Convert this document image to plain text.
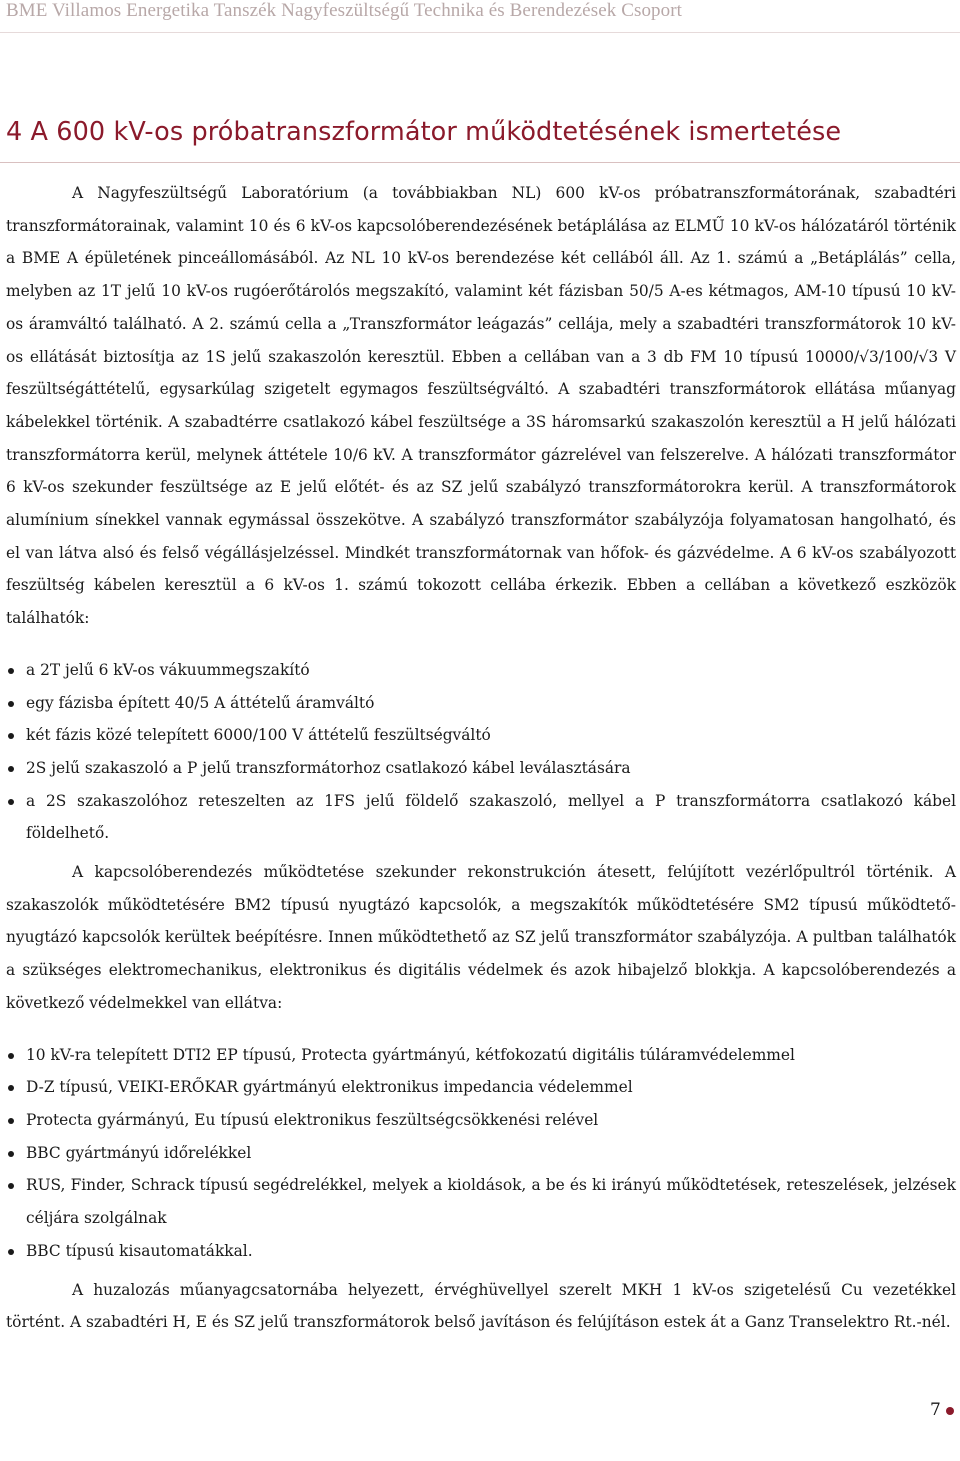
BME Villamos Energetika Tanszék Nagyfeszültségű Technika és Berendezések Csoport
4 A 600 kV-os próbatranszformátor működtetésének ismertetése

A Nagyfeszültségű Laboratórium (a továbbiakban NL) 600 kV-os próbatranszformátorának, szabadtéri transzformátorainak, valamint 10 és 6 kV-os kapcsolóberendezésének betáplálása az ELMŰ 10 kV-os hálózatáról történik a BME A épületének pinceállomásából. Az NL 10 kV-os berendezése két cellából áll. Az 1. számú a „Betáplálás” cella, melyben az 1T jelű 10 kV-os rugóerőtárolós megszakító, valamint két fázisban 50/5 A-es kétmagos, AM-10 típusú 10 kV-os áramváltó található. A 2. számú cella a „Transzformátor leágazás” cellája, mely a szabadtéri transzformátorok 10 kV-os ellátását biztosítja az 1S jelű szakaszolón keresztül. Ebben a cellában van a 3 db FM 10 típusú 10000/√3/100/√3 V feszültségáttételű, egysarkúlag szigetelt egymagos feszültségváltó. A szabadtéri transzformátorok ellátása műanyag kábelekkel történik. A szabadtérre csatlakozó kábel feszültsége a 3S háromsarkú szakaszolón keresztül a H jelű hálózati transzformátorra kerül, melynek áttétele 10/6 kV. A transzformátor gázrelével van felszerelve. A hálózati transzformátor 6 kV-os szekunder feszültsége az E jelű előtét- és az SZ jelű szabályzó transzformátorokra kerül. A transzformátorok alumínium sínekkel vannak egymással összekötve. A szabályzó transzformátor szabályzója folyamatosan hangolható, és el van látva alsó és felső végállásjelzéssel. Mindkét transzformátornak van hőfok- és gázvédelme. A 6 kV-os szabályozott feszültség kábelen keresztül a 6 kV-os 1. számú tokozott cellába érkezik. Ebben a cellában a következő eszközök találhatók:

a 2T jelű 6 kV-os vákuummegszakító
egy fázisba épített 40/5 A áttételű áramváltó
két fázis közé telepített 6000/100 V áttételű feszültségváltó
2S jelű szakaszoló a P jelű transzformátorhoz csatlakozó kábel leválasztására
a 2S szakaszolóhoz reteszelten az 1FS jelű földelő szakaszoló, mellyel a P transzformátorra csatlakozó kábel földelhető.

A kapcsolóberendezés működtetése szekunder rekonstrukción átesett, felújított vezérlőpultról történik. A szakaszolók működtetésére BM2 típusú nyugtázó kapcsolók, a megszakítók működtetésére SM2 típusú működtető-nyugtázó kapcsolók kerültek beépítésre. Innen működtethető az SZ jelű transzformátor szabályzója. A pultban találhatók a szükséges elektromechanikus, elektronikus és digitális védelmek és azok hibajelző blokkja. A kapcsolóberendezés a következő védelmekkel van ellátva:

10 kV-ra telepített DTI2 EP típusú, Protecta gyártmányú, kétfokozatú digitális túláramvédelemmel
D-Z típusú, VEIKI-ERŐKAR gyártmányú elektronikus impedancia védelemmel
Protecta gyármányú, Eu típusú elektronikus feszültségcsökkenési relével
BBC gyártmányú időrelékkel
RUS, Finder, Schrack típusú segédrelékkel, melyek a kioldások, a be és ki irányú működtetések, reteszelések, jelzések céljára szolgálnak
BBC típusú kisautomatákkal.

A huzalozás műanyagcsatornába helyezett, érvéghüvellyel szerelt MKH 1 kV-os szigetelésű Cu vezetékkel történt. A szabadtéri H, E és SZ jelű transzformátorok belső javításon és felújításon estek át a Ganz Transelektro Rt.-nél.

7
